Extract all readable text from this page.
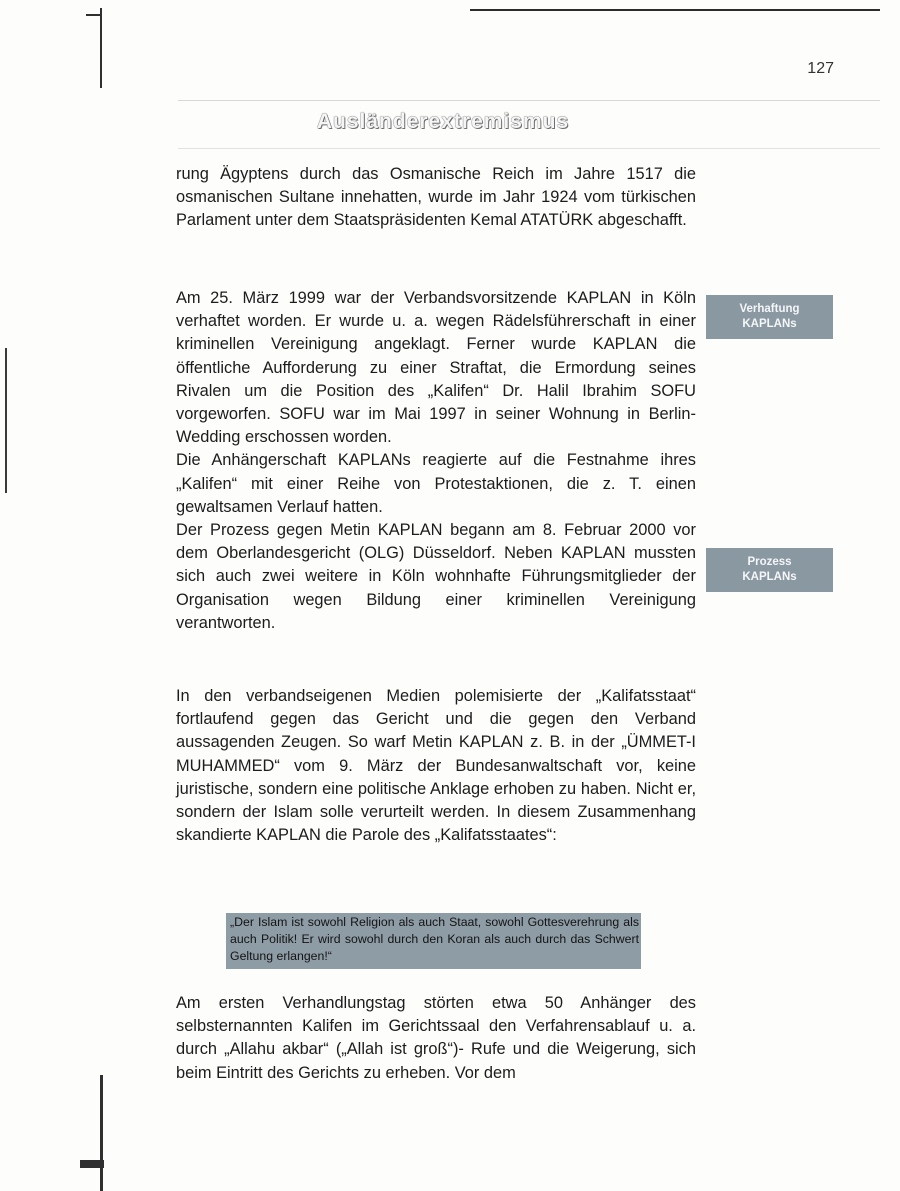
127
Ausländerextremismus

rung Ägyptens durch das Osmanische Reich im Jahre 1517 die osmanischen Sultane innehatten, wurde im Jahr 1924 vom türkischen Parlament unter dem Staatspräsidenten Kemal ATATÜRK abgeschafft.

Am 25. März 1999 war der Verbandsvorsitzende KAPLAN in Köln verhaftet worden. Er wurde u. a. wegen Rädelsführerschaft in einer kriminellen Vereinigung angeklagt. Ferner wurde KAPLAN die öffentliche Aufforderung zu einer Straftat, die Ermordung seines Rivalen um die Position des „Kalifen“ Dr. Halil Ibrahim SOFU vorgeworfen. SOFU war im Mai 1997 in seiner Wohnung in Berlin-Wedding erschossen worden.

Die Anhängerschaft KAPLANs reagierte auf die Festnahme ihres „Kalifen“ mit einer Reihe von Protestaktionen, die z. T. einen gewaltsamen Verlauf hatten.

Der Prozess gegen Metin KAPLAN begann am 8. Februar 2000 vor dem Oberlandesgericht (OLG) Düsseldorf. Neben KAPLAN mussten sich auch zwei weitere in Köln wohnhafte Führungsmitglieder der Organisation wegen Bildung einer kriminellen Vereinigung verantworten.

Verhaftung
KAPLANs
Prozess
KAPLANs

In den verbandseigenen Medien polemisierte der „Kalifatsstaat“ fortlaufend gegen das Gericht und die gegen den Verband aussagenden Zeugen. So warf Metin KAPLAN z. B. in der „ÜMMET-I MUHAMMED“ vom 9. März der Bundesanwaltschaft vor, keine juristische, sondern eine politische Anklage erhoben zu haben. Nicht er, sondern der Islam solle verurteilt werden. In diesem Zusammenhang skandierte KAPLAN die Parole des „Kalifatsstaates“:

„Der Islam ist sowohl Religion als auch Staat, sowohl Gottesverehrung als auch Politik! Er wird sowohl durch den Koran als auch durch das Schwert Geltung erlangen!“

Am ersten Verhandlungstag störten etwa 50 Anhänger des selbsternannten Kalifen im Gerichtssaal den Verfahrensablauf u. a. durch „Allahu akbar“ („Allah ist groß“)- Rufe und die Weigerung, sich beim Eintritt des Gerichts zu erheben. Vor dem
